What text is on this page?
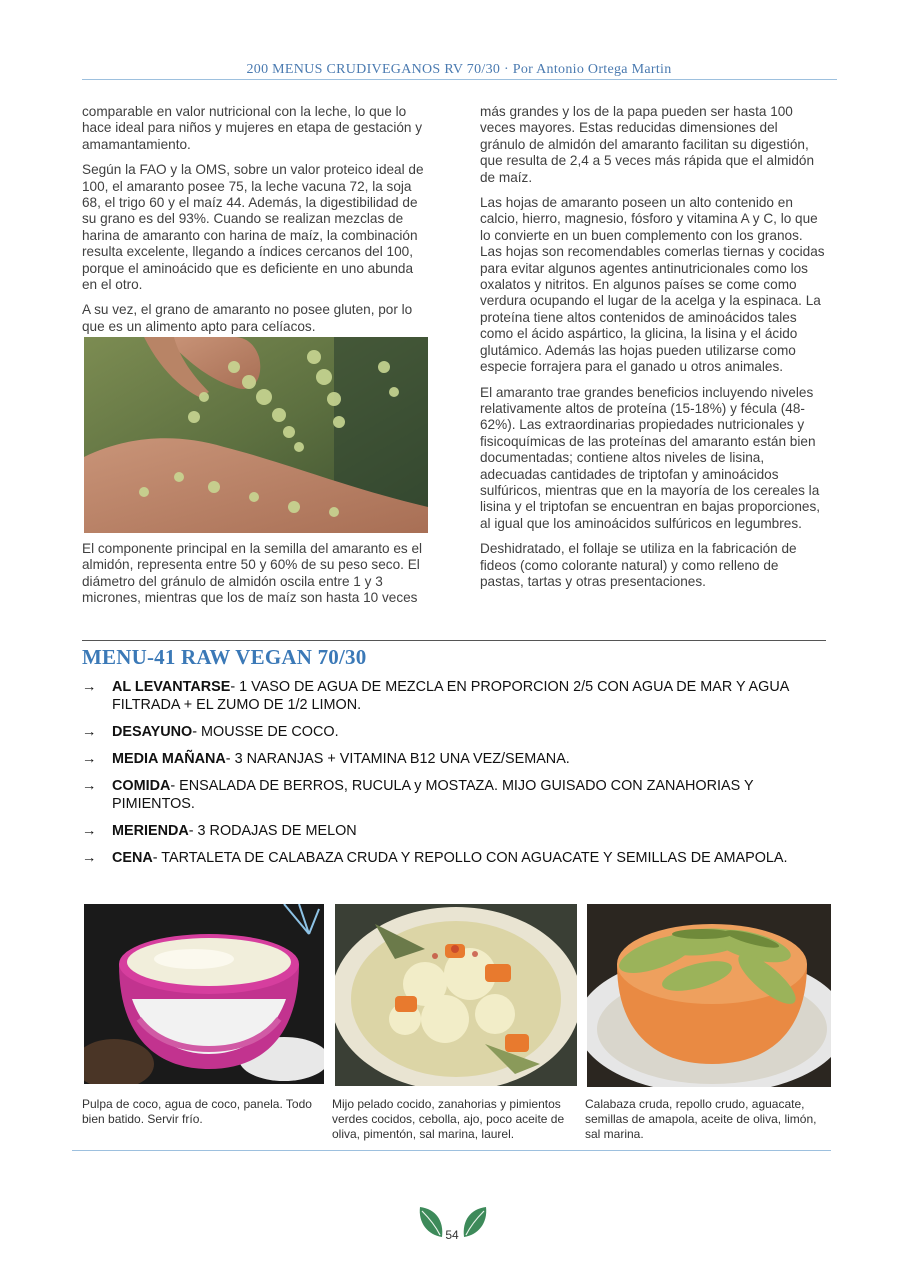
200 MENUS CRUDIVEGANOS RV 70/30 · Por Antonio Ortega Martin

comparable en valor nutricional con la leche, lo que lo hace ideal para niños y mujeres en etapa de gestación y amamantamiento.

Según la FAO y la OMS, sobre un valor proteico ideal de 100, el amaranto posee 75, la leche vacuna 72, la soja 68, el trigo 60 y el maíz 44. Además, la digestibilidad de su grano es del 93%. Cuando se realizan mezclas de harina de amaranto con harina de maíz, la combinación resulta excelente, llegando a índices cercanos del 100, porque el aminoácido que es deficiente en uno abunda en el otro.

A su vez, el grano de amaranto no posee gluten, por lo que es un alimento apto para celíacos.

El componente principal en la semilla del amaranto es el almidón, representa entre 50 y 60% de su peso seco. El diámetro del gránulo de almidón oscila entre 1 y 3 micrones, mientras que los de maíz son hasta 10 veces

más grandes y los de la papa pueden ser hasta 100 veces mayores. Estas reducidas dimensiones del gránulo de almidón del amaranto facilitan su digestión, que resulta de 2,4 a 5 veces más rápida que el almidón de maíz.

Las hojas de amaranto poseen un alto contenido en calcio, hierro, magnesio, fósforo y vitamina A y C, lo que lo convierte en un buen complemento con los granos. Las hojas son recomendables comerlas tiernas y cocidas para evitar algunos agentes antinutricionales como los oxalatos y nitritos. En algunos países se come como verdura ocupando el lugar de la acelga y la espinaca. La proteína tiene altos contenidos de aminoácidos tales como el ácido aspártico, la glicina, la lisina y el ácido glutámico. Además las hojas pueden utilizarse como especie forrajera para el ganado u otros animales.

El amaranto trae grandes beneficios incluyendo niveles relativamente altos de proteína (15-18%) y fécula (48-62%). Las extraordinarias propiedades nutricionales y fisicoquímicas de las proteínas del amaranto están bien documentadas; contiene altos niveles de lisina, adecuadas cantidades de triptofan y aminoácidos sulfúricos, mientras que en la mayoría de los cereales la lisina y el triptofan se encuentran en bajas proporciones, al igual que los aminoácidos sulfúricos en legumbres.

Deshidratado, el follaje se utiliza en la fabricación de fideos (como colorante natural) y como relleno de pastas, tartas y otras presentaciones.

MENU-41 RAW VEGAN 70/30
→ AL LEVANTARSE- 1 VASO DE AGUA DE MEZCLA EN PROPORCION 2/5 CON AGUA DE MAR Y AGUA FILTRADA + EL ZUMO DE 1/2 LIMON.
→ DESAYUNO- MOUSSE DE COCO.
→ MEDIA MAÑANA- 3 NARANJAS + VITAMINA B12 UNA VEZ/SEMANA.
→ COMIDA- ENSALADA DE BERROS, RUCULA y MOSTAZA. MIJO GUISADO CON ZANAHORIAS Y PIMIENTOS.
→ MERIENDA- 3 RODAJAS DE MELON
→ CENA- TARTALETA DE CALABAZA CRUDA Y REPOLLO CON AGUACATE Y SEMILLAS DE AMAPOLA.
Pulpa de coco, agua de coco, panela. Todo bien batido. Servir frío.
Mijo pelado cocido, zanahorias y pimientos verdes cocidos, cebolla, ajo, poco aceite de oliva, pimentón, sal marina, laurel.
Calabaza cruda, repollo crudo, aguacate, semillas de amapola, aceite de oliva, limón, sal marina.
54
